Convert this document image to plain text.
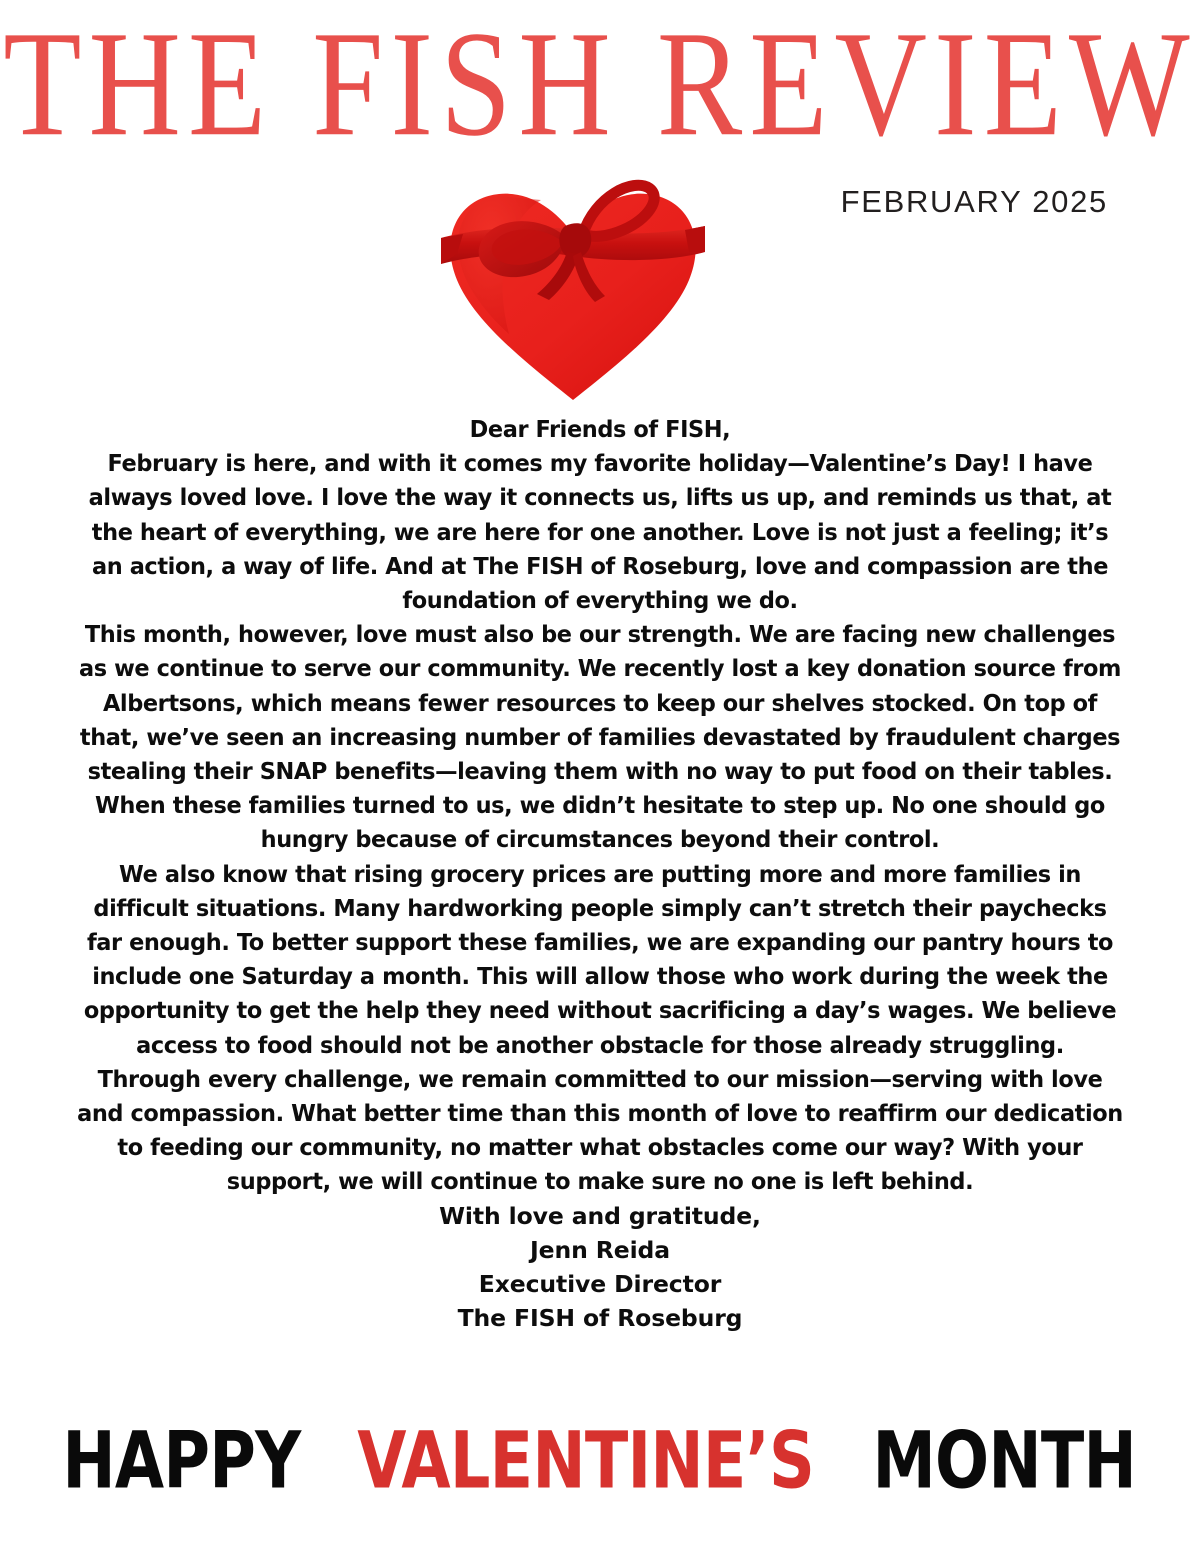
THE FISH REVIEW
FEBRUARY 2025

Dear Friends of FISH,

February is here, and with it comes my favorite holiday—Valentine’s Day! I have always loved love. I love the way it connects us, lifts us up, and reminds us that, at the heart of everything, we are here for one another. Love is not just a feeling; it’s an action, a way of life. And at The FISH of Roseburg, love and compassion are the foundation of everything we do.

This month, however, love must also be our strength. We are facing new challenges as we continue to serve our community. We recently lost a key donation source from Albertsons, which means fewer resources to keep our shelves stocked. On top of that, we’ve seen an increasing number of families devastated by fraudulent charges stealing their SNAP benefits—leaving them with no way to put food on their tables. When these families turned to us, we didn’t hesitate to step up. No one should go hungry because of circumstances beyond their control.

We also know that rising grocery prices are putting more and more families in difficult situations. Many hardworking people simply can’t stretch their paychecks far enough. To better support these families, we are expanding our pantry hours to include one Saturday a month. This will allow those who work during the week the opportunity to get the help they need without sacrificing a day’s wages. We believe access to food should not be another obstacle for those already struggling.

Through every challenge, we remain committed to our mission—serving with love and compassion. What better time than this month of love to reaffirm our dedication to feeding our community, no matter what obstacles come our way? With your support, we will continue to make sure no one is left behind.

With love and gratitude,
Jenn Reida
Executive Director
The FISH of Roseburg
HAPPYVALENTINE’SMONTH
